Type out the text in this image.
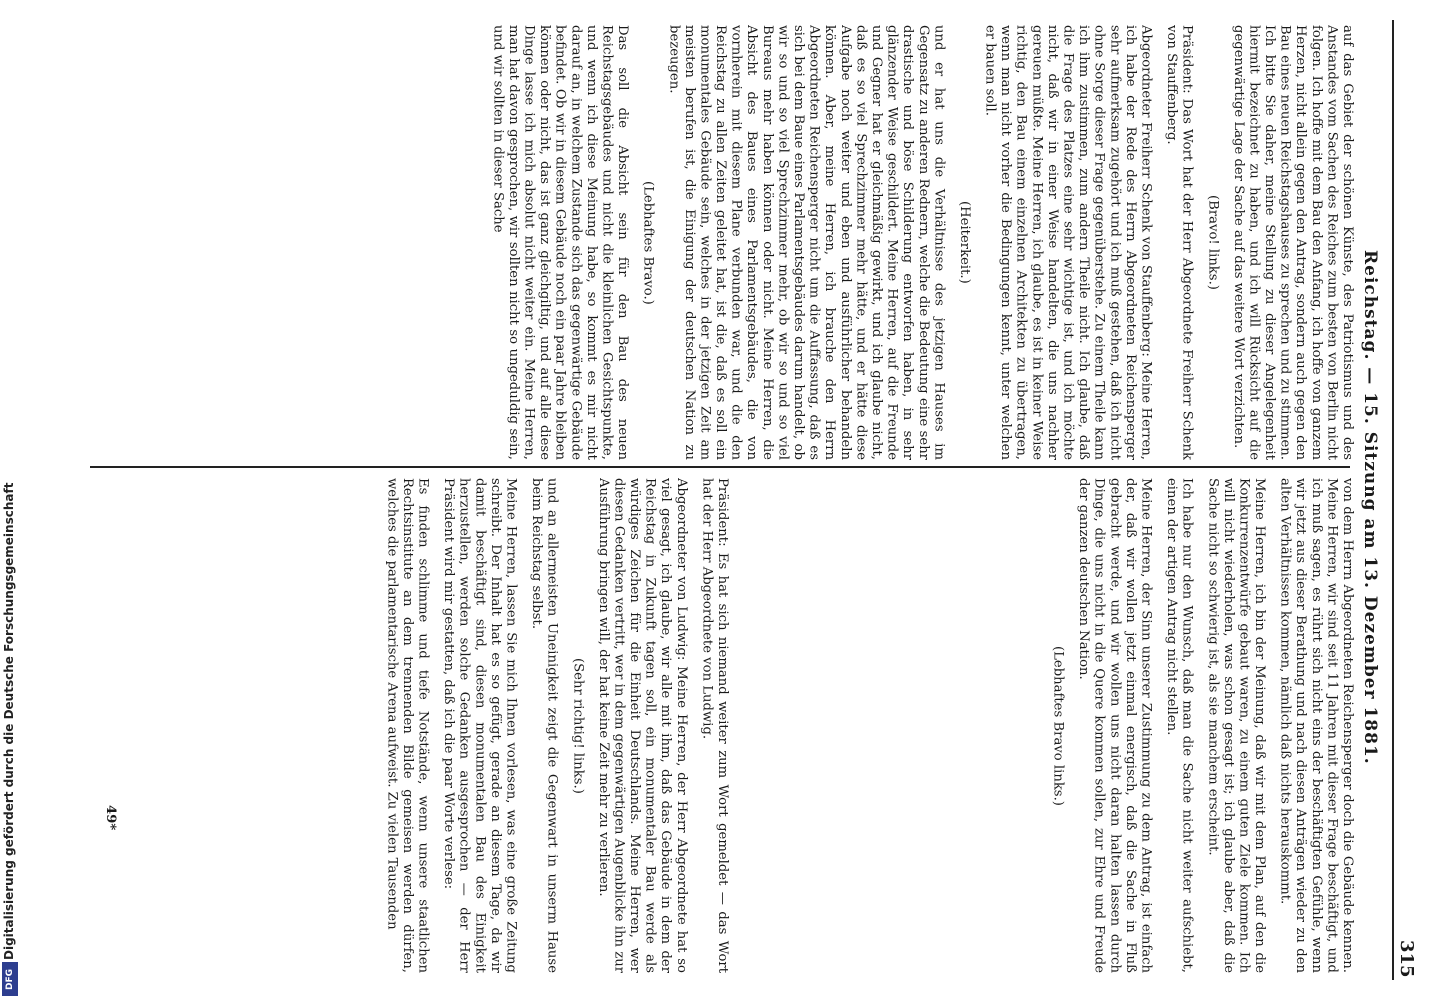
Reichstag. — 15. Sitzung am 13. Dezember 1881.
315

auf das Gebiet der schönen Künste, des Patriotismus und des Anstandes vom Sachen des Reiches zum besten von Berlin nicht folgen. Ich hoffe mit dem Bau den Anfang, ich hoffe von ganzem Herzen, nicht allein gegen den Antrag, sondern auch gegen den Bau eines neuen Reichstagshauses zu sprechen und zu stimmen. Ich bitte Sie daher, meine Stellung zu dieser Angelegenheit hiermit bezeichnet zu haben, und ich will Rücksicht auf die gegenwärtige Lage der Sache auf das weitere Wort verzichten.

(Bravo! links.)

Präsident: Das Wort hat der Herr Abgeordnete Freiherr Schenk von Stauffenberg.

Abgeordneter Freiherr Schenk von Stauffenberg: Meine Herren, ich habe der Rede des Herrn Abgeordneten Reichensperger sehr aufmerksam zugehört und ich muß gestehen, daß ich nicht ohne Sorge dieser Frage gegenüberstehe. Zu einem Theile kann ich ihm zustimmen, zum andern Theile nicht. Ich glaube, daß die Frage des Platzes eine sehr wichtige ist, und ich möchte nicht, daß wir in einer Weise handelten, die uns nachher gereuen müßte. Meine Herren, ich glaube, es ist in keiner Weise richtig, den Bau einem einzelnen Architekten zu übertragen, wenn man nicht vorher die Bedingungen kennt, unter welchen er bauen soll.

(Heiterkeit.)

und er hat uns die Verhältnisse des jetzigen Hauses im Gegensatz zu anderen Rednern, welche die Bedeutung eine sehr drastische und böse Schilderung entworfen haben, in sehr glänzender Weise geschildert. Meine Herren, auf die Freunde und Gegner hat er gleichmäßig gewirkt, und ich glaube nicht, daß es so viel Sprechzimmer mehr hätte, und er hätte diese Aufgabe noch weiter und eben und ausführlicher behandeln können. Aber, meine Herren, ich brauche den Herrn Abgeordneten Reichensperger nicht um die Auffassung, daß es sich bei dem Baue eines Parlamentsgebäudes darum handelt, ob wir so und so viel Sprechzimmer mehr, ob wir so und so viel Bureaus mehr haben können oder nicht. Meine Herren, die Absicht des Baues eines Parlamentsgebäudes, die von vornherein mit diesem Plane verbunden war, und die den Reichstag zu allen Zeiten geleitet hat, ist die, daß es soll ein monumentales Gebäude sein, welches in der jetzigen Zeit am meisten berufen ist, die Einigung der deutschen Nation zu bezeugen.

(Lebhaftes Bravo.)

Das soll die Absicht sein für den Bau des neuen Reichstagsgebäudes und nicht die kleinlichen Gesichtspunkte, und wenn ich diese Meinung habe, so kommt es mir nicht darauf an, in welchem Zustande sich das gegenwärtige Gebäude befindet. Ob wir in diesem Gebäude noch ein paar Jahre bleiben können oder nicht, das ist ganz gleichgiltig, und auf alle diese Dinge lasse ich mich absolut nicht weiter ein. Meine Herren, man hat davon gesprochen, wir sollten nicht so ungeduldig sein, und wir sollten in dieser Sache

von dem Herrn Abgeordneten Reichensperger doch die Gebäude kennen. Meine Herren, wir sind seit 11 Jahren mit dieser Frage beschäftigt, und ich muß sagen, es rührt sich nicht eins der beschäftigten Gefühle, wenn wir jetzt aus dieser Berathung und nach diesen Anträgen wieder zu den alten Verhältnissen kommen, nämlich daß nichts herauskommt.

Meine Herren, ich bin der Meinung, daß wir mit dem Plan, auf den die Konkurrenzentwürfe gebaut waren, zu einem guten Ziele kommen. Ich will nicht wiederholen, was schon gesagt ist; ich glaube aber, daß die Sache nicht so schwierig ist, als sie manchem erscheint.

Ich habe nur den Wunsch, daß man die Sache nicht weiter aufschiebt, einen der artigen Antrag nicht stellen.

Meine Herren, der Sinn unserer Zustimmung zu dem Antrag, ist einfach der, daß wir wollen jetzt einmal energisch, daß die Sache in Fluß gebracht werde, und wir wollen uns nicht daran halten lassen durch Dinge, die uns nicht in die Quere kommen sollen, zur Ehre und Freude der ganzen deutschen Nation.

(Lebhaftes Bravo links.)

Präsident: Es hat sich niemand weiter zum Wort gemeldet — das Wort hat der Herr Abgeordnete von Ludwig.

Abgeordneter von Ludwig: Meine Herren, der Herr Abgeordnete hat so viel gesagt, ich glaube, wir alle mit ihm, daß das Gebäude in dem der Reichstag in Zukunft tagen soll, ein monumentaler Bau werde als würdiges Zeichen für die Einheit Deutschlands. Meine Herren, wer diesen Gedanken vertritt, wer in dem gegenwärtigen Augenblicke ihn zur Ausführung bringen will, der hat keine Zeit mehr zu verlieren.

(Sehr richtig! links.)

und an allermeisten Uneinigkeit zeigt die Gegenwart in unserm Hause beim Reichstag selbst.

Meine Herren, lassen Sie mich Ihnen vorlesen, was eine große Zeitung schreibt. Der Inhalt hat es so gefügt, gerade an diesem Tage, da wir damit beschäftigt sind, diesen monumentalen Bau des Einigkeit herzustellen, werden solche Gedanken ausgesprochen — der Herr Präsident wird mir gestatten, daß ich die paar Worte verlese:

Es finden schlimme und tiefe Notstände, wenn unsere staatlichen Rechtsinstitute an dem trennenden Bilde gemeisen werden dürfen, welches die parlamentarische Arena aufweist. Zu vielen Tausenden

49*
Digitalisierung gefördert durch die Deutsche Forschungsgemeinschaft
DFG
